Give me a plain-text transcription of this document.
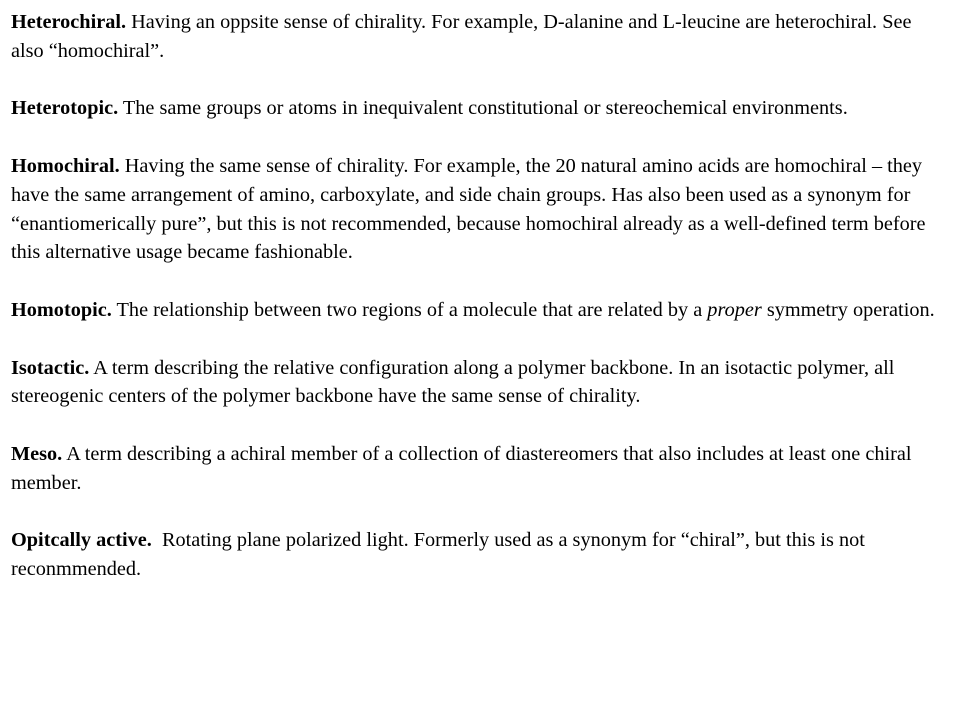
Heterochiral. Having an oppsite sense of chirality. For example, D-alanine and L-leucine are heterochiral. See also “homochiral”.

Heterotopic. The same groups or atoms in inequivalent constitutional or stereochemical environments.

Homochiral. Having the same sense of chirality. For example, the 20 natural amino acids are homochiral – they have the same arrangement of amino, carboxylate, and side chain groups. Has also been used as a synonym for “enantiomerically pure”, but this is not recommended, because homochiral already as a well-defined term before this alternative usage became fashionable.

Homotopic. The relationship between two regions of a molecule that are related by a proper symmetry operation.

Isotactic. A term describing the relative configuration along a polymer backbone. In an isotactic polymer, all stereogenic centers of the polymer backbone have the same sense of chirality.

Meso. A term describing a achiral member of a collection of diastereomers that also includes at least one chiral member.

Opitcally active.  Rotating plane polarized light. Formerly used as a synonym for “chiral”, but this is not reconmmended.
